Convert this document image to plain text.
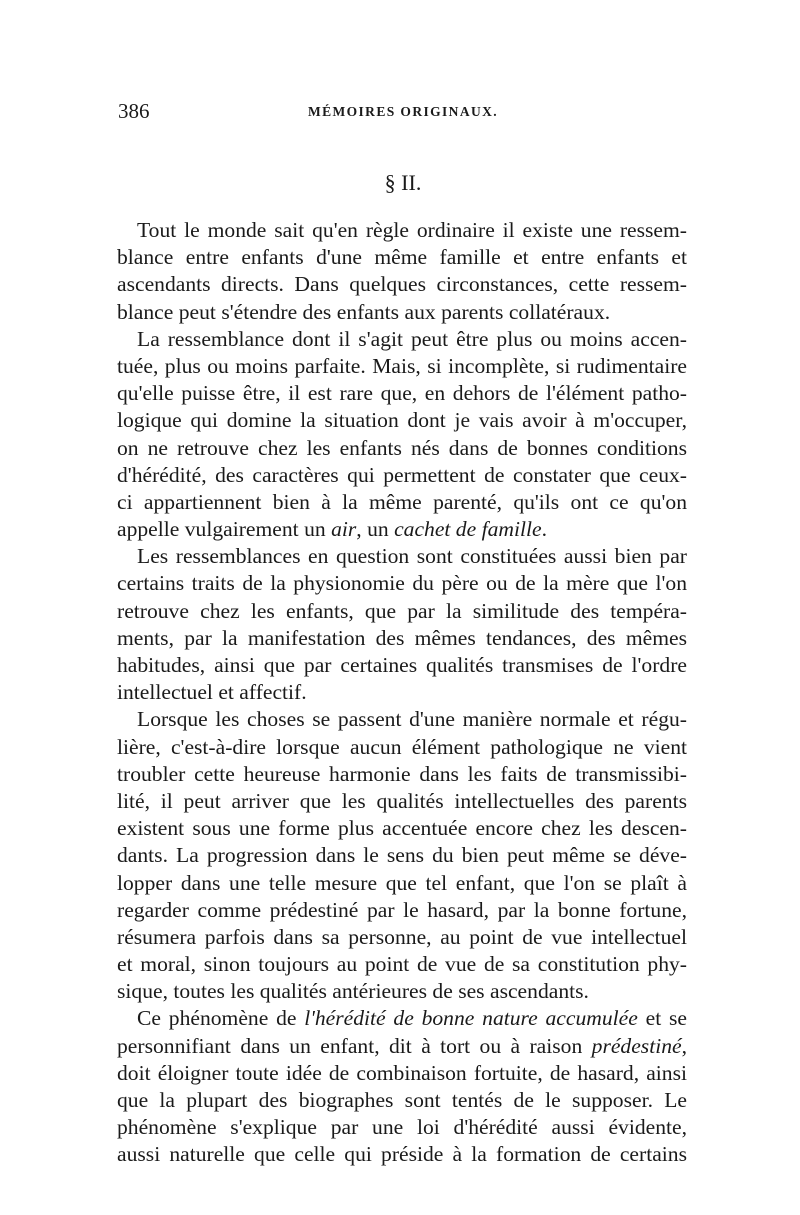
386	MÉMOIRES ORIGINAUX.
§ II.

Tout le monde sait qu'en règle ordinaire il existe une ressem-
blance entre enfants d'une même famille et entre enfants et
ascendants directs. Dans quelques circonstances, cette ressem-
blance peut s'étendre des enfants aux parents collatéraux.

La ressemblance dont il s'agit peut être plus ou moins accen-
tuée, plus ou moins parfaite. Mais, si incomplète, si rudimentaire
qu'elle puisse être, il est rare que, en dehors de l'élément patho-
logique qui domine la situation dont je vais avoir à m'occuper,
on ne retrouve chez les enfants nés dans de bonnes conditions
d'hérédité, des caractères qui permettent de constater que ceux-
ci appartiennent bien à la même parenté, qu'ils ont ce qu'on
appelle vulgairement un air, un cachet de famille.

Les ressemblances en question sont constituées aussi bien par
certains traits de la physionomie du père ou de la mère que l'on
retrouve chez les enfants, que par la similitude des tempéra-
ments, par la manifestation des mêmes tendances, des mêmes
habitudes, ainsi que par certaines qualités transmises de l'ordre
intellectuel et affectif.

Lorsque les choses se passent d'une manière normale et régu-
lière, c'est-à-dire lorsque aucun élément pathologique ne vient
troubler cette heureuse harmonie dans les faits de transmissibi-
lité, il peut arriver que les qualités intellectuelles des parents
existent sous une forme plus accentuée encore chez les descen-
dants. La progression dans le sens du bien peut même se déve-
lopper dans une telle mesure que tel enfant, que l'on se plaît à
regarder comme prédestiné par le hasard, par la bonne fortune,
résumera parfois dans sa personne, au point de vue intellectuel
et moral, sinon toujours au point de vue de sa constitution phy-
sique, toutes les qualités antérieures de ses ascendants.

Ce phénomène de l'hérédité de bonne nature accumulée et se
personnifiant dans un enfant, dit à tort ou à raison prédestiné,
doit éloigner toute idée de combinaison fortuite, de hasard, ainsi
que la plupart des biographes sont tentés de le supposer. Le
phénomène s'explique par une loi d'hérédité aussi évidente,
aussi naturelle que celle qui préside à la formation de certains
